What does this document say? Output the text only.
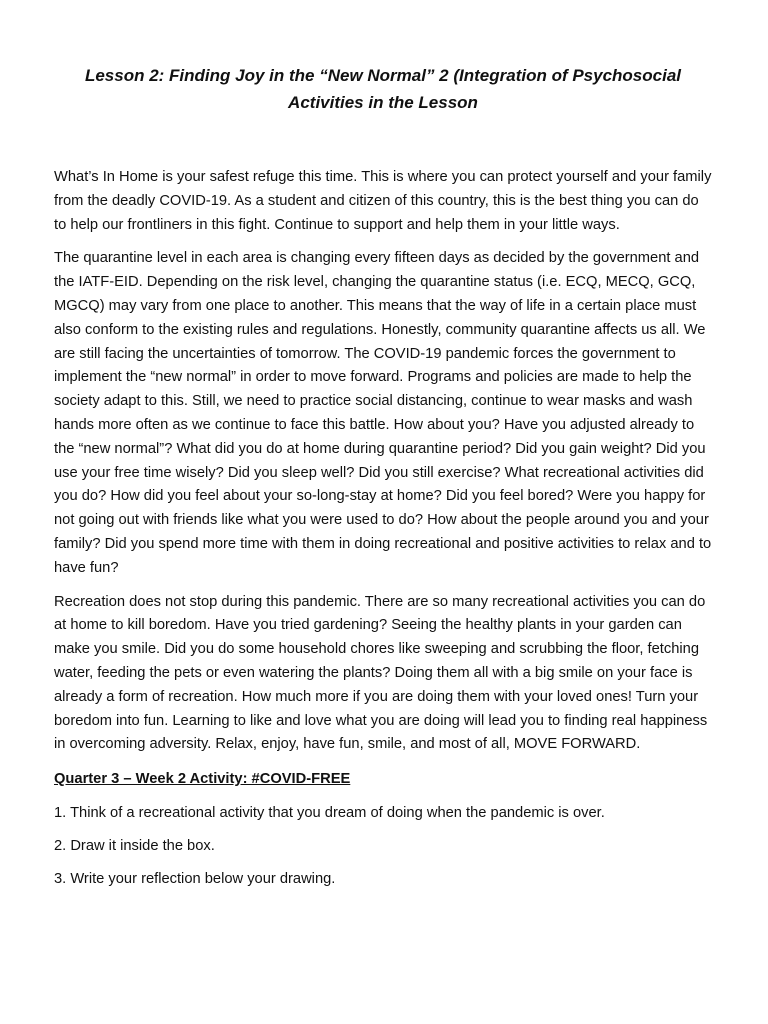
Lesson 2: Finding Joy in the “New Normal” 2 (Integration of Psychosocial
Activities in the Lesson

What’s In Home is your safest refuge this time. This is where you can protect yourself and your family from the deadly COVID-19. As a student and citizen of this country, this is the best thing you can do to help our frontliners in this fight. Continue to support and help them in your little ways.

The quarantine level in each area is changing every fifteen days as decided by the government and the IATF-EID. Depending on the risk level, changing the quarantine status (i.e. ECQ, MECQ, GCQ, MGCQ) may vary from one place to another. This means that the way of life in a certain place must also conform to the existing rules and regulations. Honestly, community quarantine affects us all. We are still facing the uncertainties of tomorrow. The COVID-19 pandemic forces the government to implement the “new normal” in order to move forward. Programs and policies are made to help the society adapt to this. Still, we need to practice social distancing, continue to wear masks and wash hands more often as we continue to face this battle. How about you? Have you adjusted already to the “new normal”? What did you do at home during quarantine period? Did you gain weight? Did you use your free time wisely? Did you sleep well? Did you still exercise? What recreational activities did you do? How did you feel about your so-long-stay at home? Did you feel bored? Were you happy for not going out with friends like what you were used to do? How about the people around you and your family? Did you spend more time with them in doing recreational and positive activities to relax and to have fun?

Recreation does not stop during this pandemic. There are so many recreational activities you can do at home to kill boredom. Have you tried gardening? Seeing the healthy plants in your garden can make you smile. Did you do some household chores like sweeping and scrubbing the floor, fetching water, feeding the pets or even watering the plants? Doing them all with a big smile on your face is already a form of recreation. How much more if you are doing them with your loved ones! Turn your boredom into fun. Learning to like and love what you are doing will lead you to finding real happiness in overcoming adversity. Relax, enjoy, have fun, smile, and most of all, MOVE FORWARD.

Quarter 3 – Week 2 Activity: #COVID-FREE

1. Think of a recreational activity that you dream of doing when the pandemic is over.

2. Draw it inside the box.

3. Write your reflection below your drawing.
